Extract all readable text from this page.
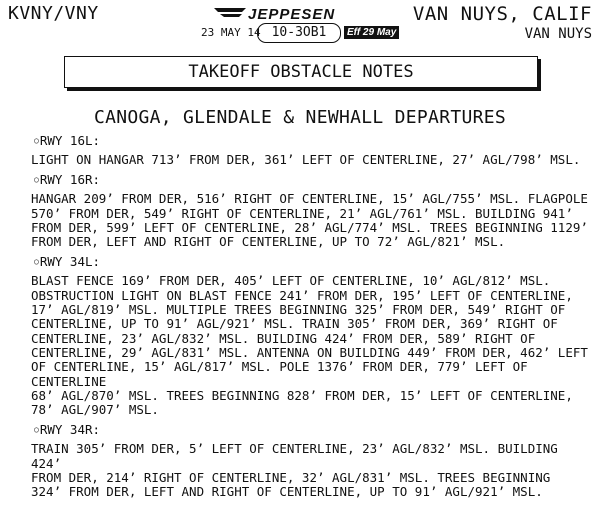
KVNY/VNY	JEPPESEN
23 MAY 14 10-3OB1	Eff 29 May
VAN NUYS, CALIF
VAN NUYS
TAKEOFF OBSTACLE NOTES
CANOGA, GLENDALE & NEWHALL DEPARTURES
○RWY 16L:
LIGHT ON HANGAR 713’ FROM DER, 361’ LEFT OF CENTERLINE, 27’ AGL/798’ MSL.
○RWY 16R:
HANGAR 209’ FROM DER, 516’ RIGHT OF CENTERLINE, 15’ AGL/755’ MSL. FLAGPOLE
570’ FROM DER, 549’ RIGHT OF CENTERLINE, 21’ AGL/761’ MSL. BUILDING 941’
FROM DER, 599’ LEFT OF CENTERLINE, 28’ AGL/774’ MSL. TREES BEGINNING 1129’
FROM DER, LEFT AND RIGHT OF CENTERLINE, UP TO 72’ AGL/821’ MSL.
○RWY 34L:
BLAST FENCE 169’ FROM DER, 405’ LEFT OF CENTERLINE, 10’ AGL/812’ MSL.
OBSTRUCTION LIGHT ON BLAST FENCE 241’ FROM DER, 195’ LEFT OF CENTERLINE,
17’ AGL/819’ MSL. MULTIPLE TREES BEGINNING 325’ FROM DER, 549’ RIGHT OF
CENTERLINE, UP TO 91’ AGL/921’ MSL. TRAIN 305’ FROM DER, 369’ RIGHT OF
CENTERLINE, 23’ AGL/832’ MSL. BUILDING 424’ FROM DER, 589’ RIGHT OF
CENTERLINE, 29’ AGL/831’ MSL. ANTENNA ON BUILDING 449’ FROM DER, 462’ LEFT
OF CENTERLINE, 15’ AGL/817’ MSL. POLE 1376’ FROM DER, 779’ LEFT OF CENTERLINE
68’ AGL/870’ MSL. TREES BEGINNING 828’ FROM DER, 15’ LEFT OF CENTERLINE,
78’ AGL/907’ MSL.
○RWY 34R:
TRAIN 305’ FROM DER, 5’ LEFT OF CENTERLINE, 23’ AGL/832’ MSL. BUILDING 424’
FROM DER, 214’ RIGHT OF CENTERLINE, 32’ AGL/831’ MSL. TREES BEGINNING
324’ FROM DER, LEFT AND RIGHT OF CENTERLINE, UP TO 91’ AGL/921’ MSL.
